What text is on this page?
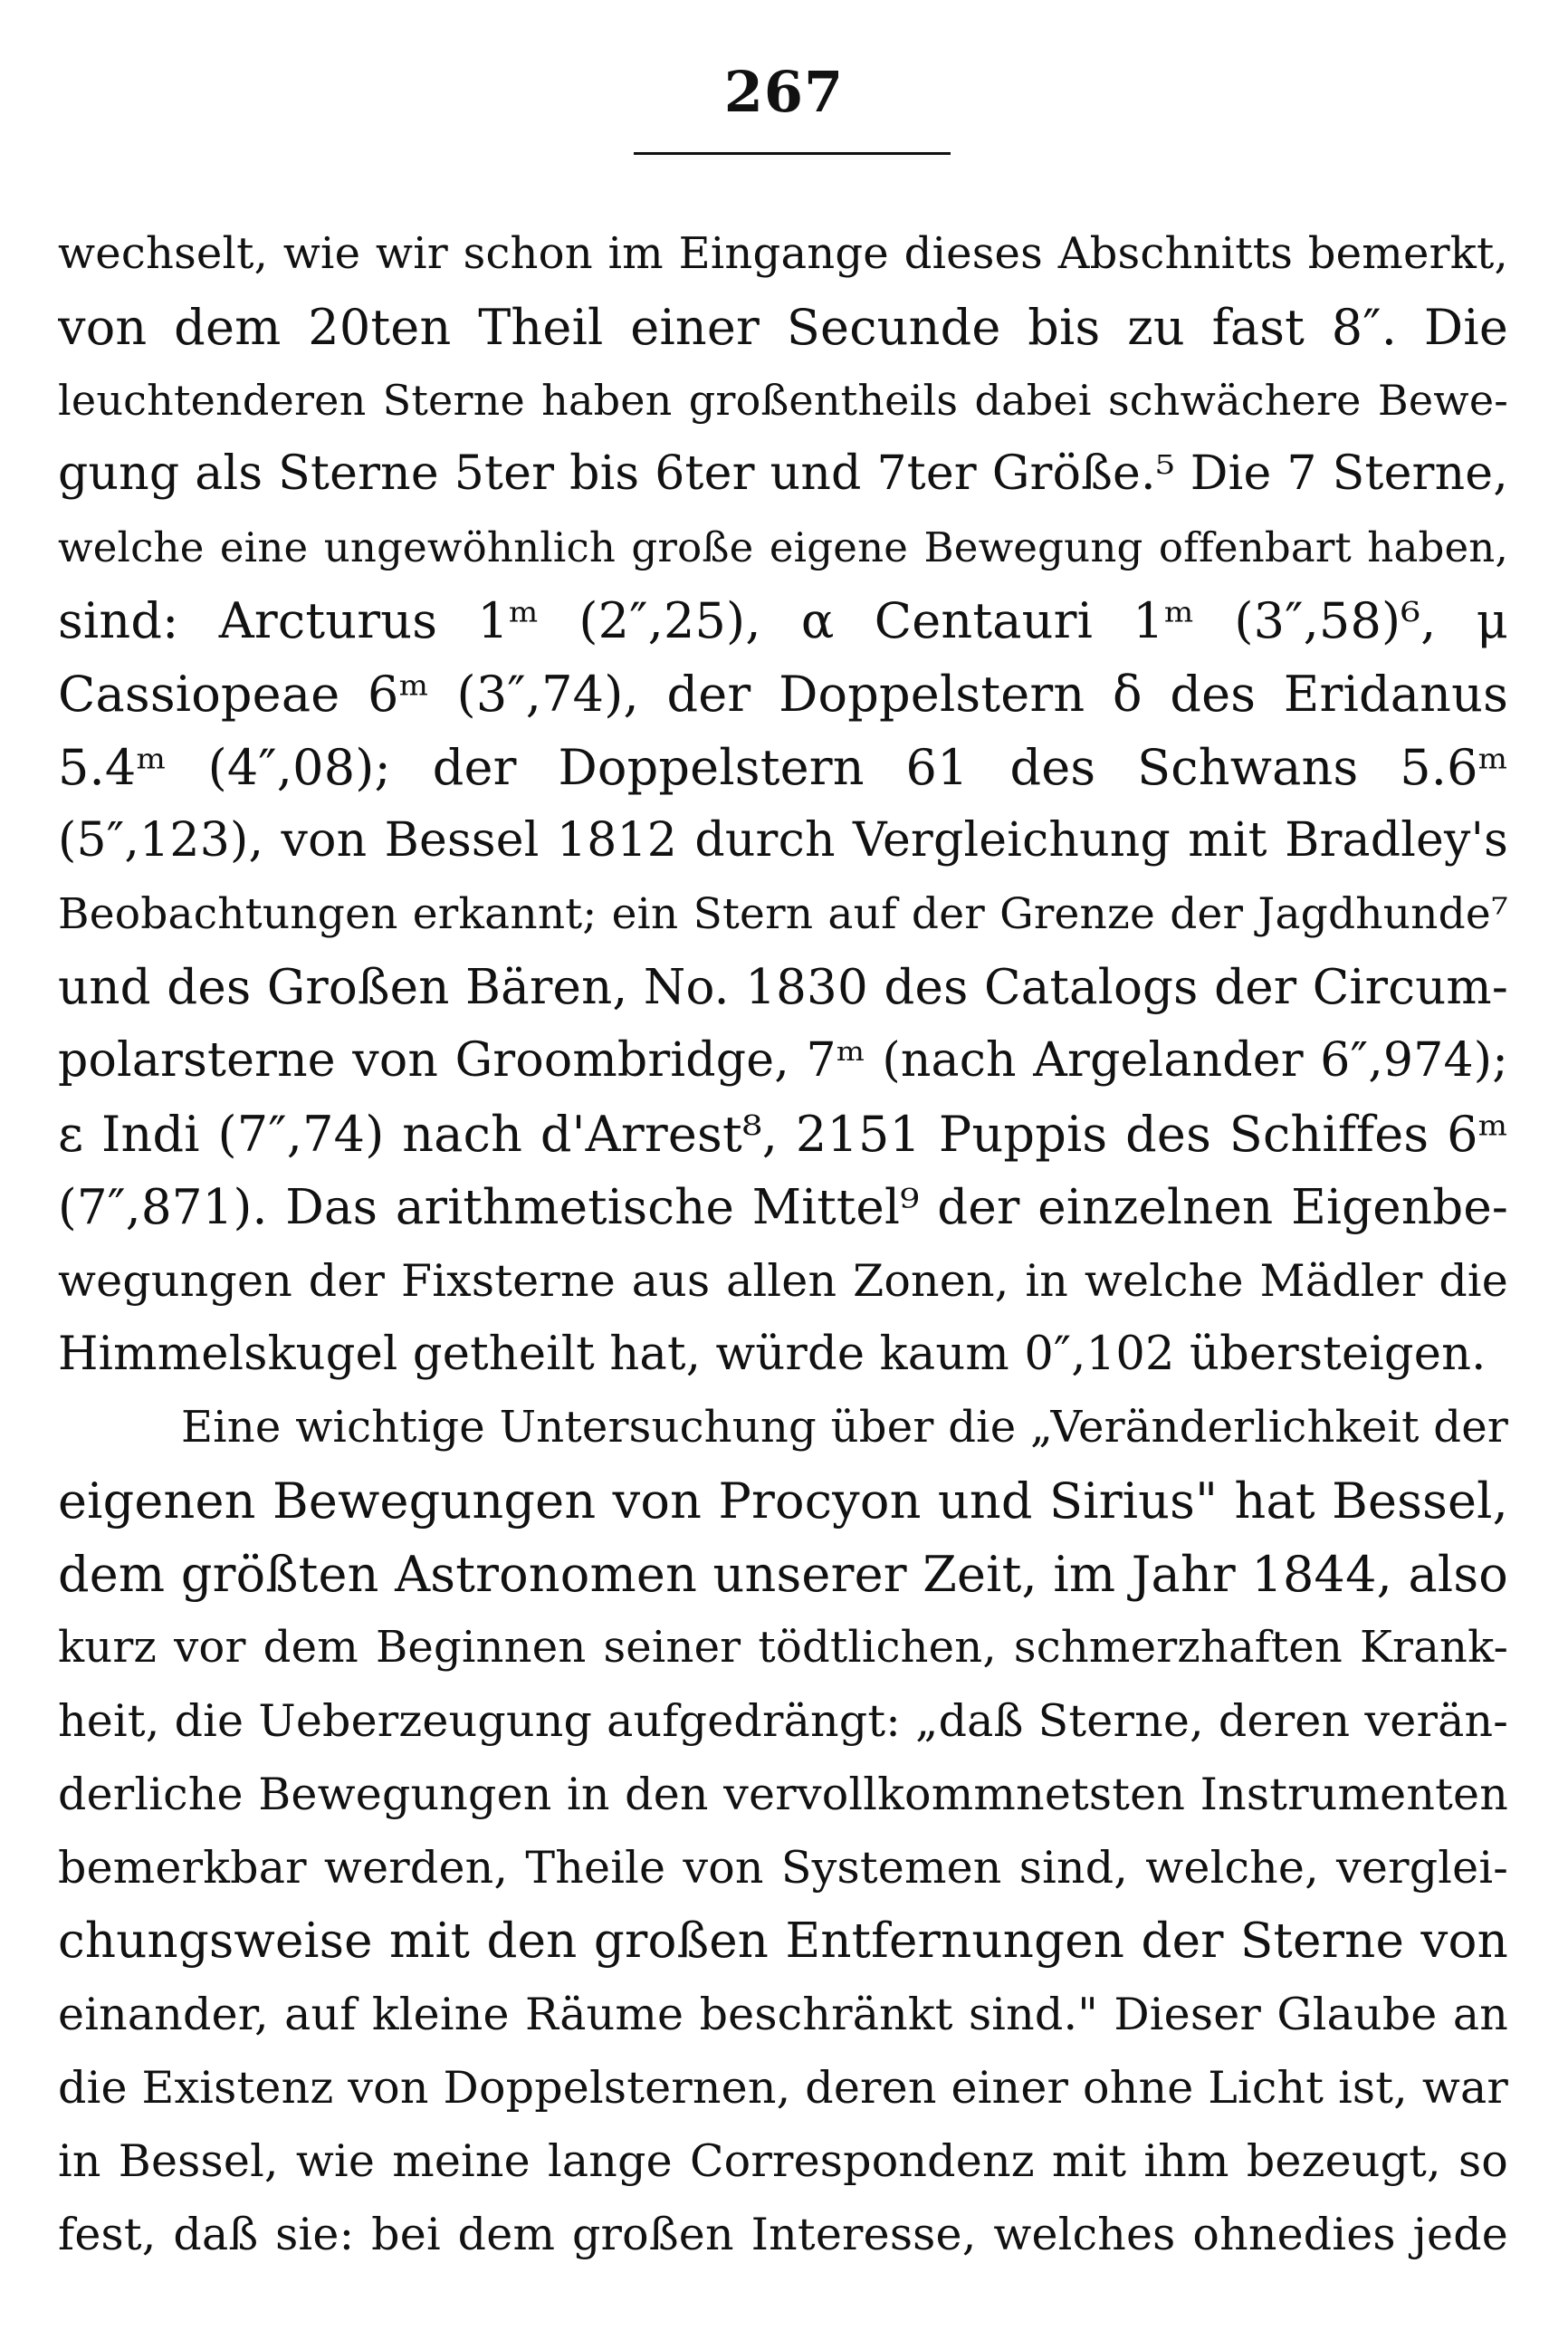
267
wechselt, wie wir schon im Eingange dieses Abschnitts bemerkt,
von dem 20ten Theil einer Secunde bis zu fast 8″. Die
leuchtenderen Sterne haben großentheils dabei schwächere Bewe-
gung als Sterne 5ter bis 6ter und 7ter Größe.⁵ Die 7 Sterne,
welche eine ungewöhnlich große eigene Bewegung offenbart haben,
sind: Arcturus 1ᵐ (2″,25), α Centauri 1ᵐ (3″,58)⁶, μ
Cassiopeae 6ᵐ (3″,74), der Doppelstern δ des Eridanus
5.4ᵐ (4″,08); der Doppelstern 61 des Schwans 5.6ᵐ
(5″,123), von Bessel 1812 durch Vergleichung mit Bradley's
Beobachtungen erkannt; ein Stern auf der Grenze der Jagdhunde⁷
und des Großen Bären, No. 1830 des Catalogs der Circum-
polarsterne von Groombridge, 7ᵐ (nach Argelander 6″,974);
ε Indi (7″,74) nach d'Arrest⁸, 2151 Puppis des Schiffes 6ᵐ
(7″,871). Das arithmetische Mittel⁹ der einzelnen Eigenbe-
wegungen der Fixsterne aus allen Zonen, in welche Mädler die
Himmelskugel getheilt hat, würde kaum 0″,102 übersteigen.
Eine wichtige Untersuchung über die „Veränderlichkeit der
eigenen Bewegungen von Procyon und Sirius" hat Bessel,
dem größten Astronomen unserer Zeit, im Jahr 1844, also
kurz vor dem Beginnen seiner tödtlichen, schmerzhaften Krank-
heit, die Ueberzeugung aufgedrängt: „daß Sterne, deren verän-
derliche Bewegungen in den vervollkommnetsten Instrumenten
bemerkbar werden, Theile von Systemen sind, welche, verglei-
chungsweise mit den großen Entfernungen der Sterne von
einander, auf kleine Räume beschränkt sind." Dieser Glaube an
die Existenz von Doppelsternen, deren einer ohne Licht ist, war
in Bessel, wie meine lange Correspondenz mit ihm bezeugt, so
fest, daß sie: bei dem großen Interesse, welches ohnedies jede
